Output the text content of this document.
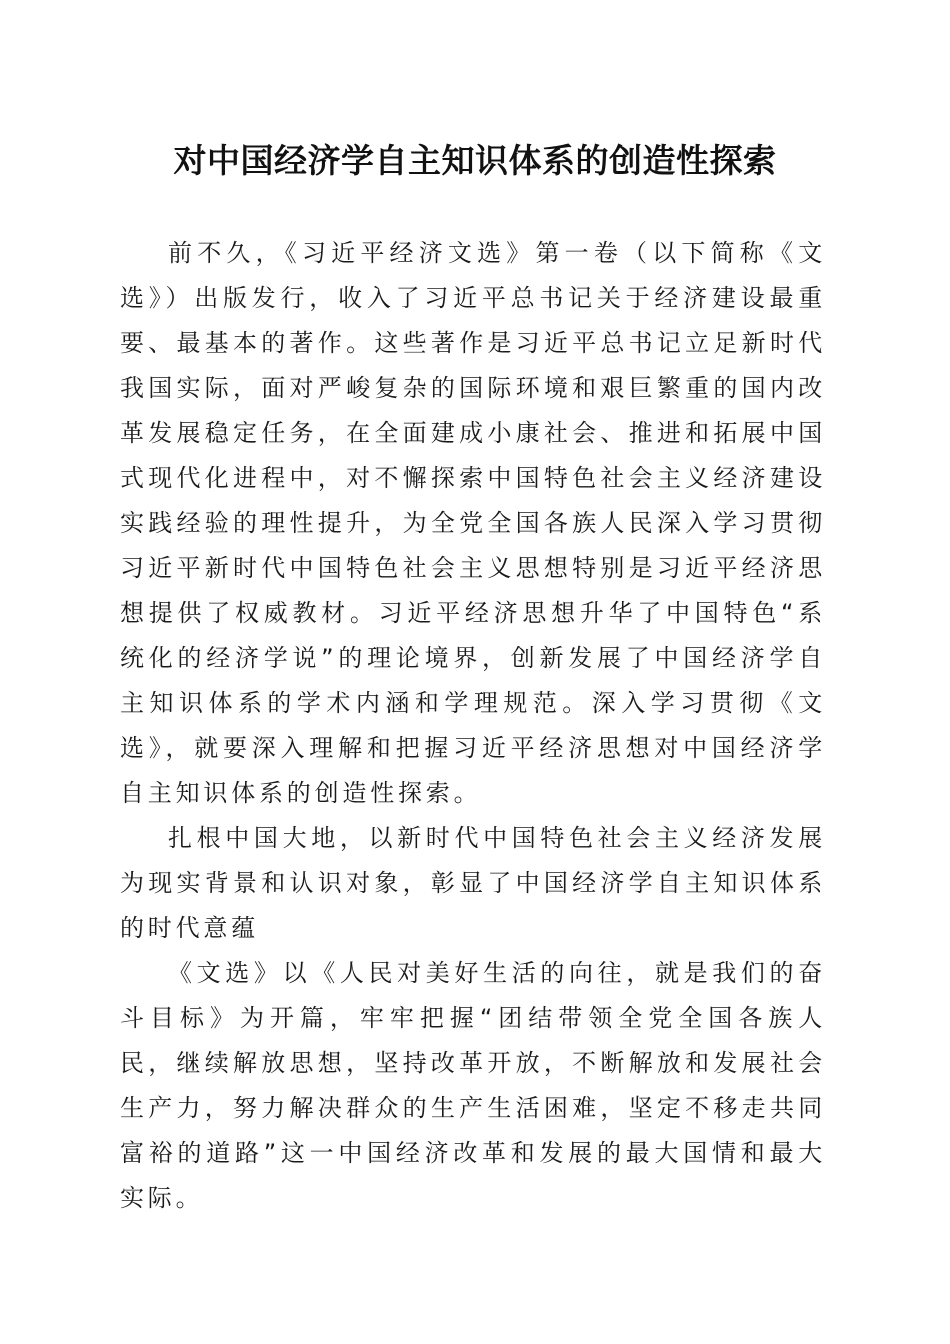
对中国经济学自主知识体系的创造性探索

前不久，《习近平经济文选》第一卷（以下简称《文选》）出版发行，收入了习近平总书记关于经济建设最重要、最基本的著作。这些著作是习近平总书记立足新时代我国实际，面对严峻复杂的国际环境和艰巨繁重的国内改革发展稳定任务，在全面建成小康社会、推进和拓展中国式现代化进程中，对不懈探索中国特色社会主义经济建设实践经验的理性提升，为全党全国各族人民深入学习贯彻习近平新时代中国特色社会主义思想特别是习近平经济思想提供了权威教材。习近平经济思想升华了中国特色“系统化的经济学说”的理论境界，创新发展了中国经济学自主知识体系的学术内涵和学理规范。深入学习贯彻《文选》，就要深入理解和把握习近平经济思想对中国经济学自主知识体系的创造性探索。

扎根中国大地，以新时代中国特色社会主义经济发展为现实背景和认识对象，彰显了中国经济学自主知识体系的时代意蕴

《文选》以《人民对美好生活的向往，就是我们的奋斗目标》为开篇，牢牢把握“团结带领全党全国各族人民，继续解放思想，坚持改革开放，不断解放和发展社会生产力，努力解决群众的生产生活困难，坚定不移走共同富裕的道路”这一中国经济改革和发展的最大国情和最大实际。
